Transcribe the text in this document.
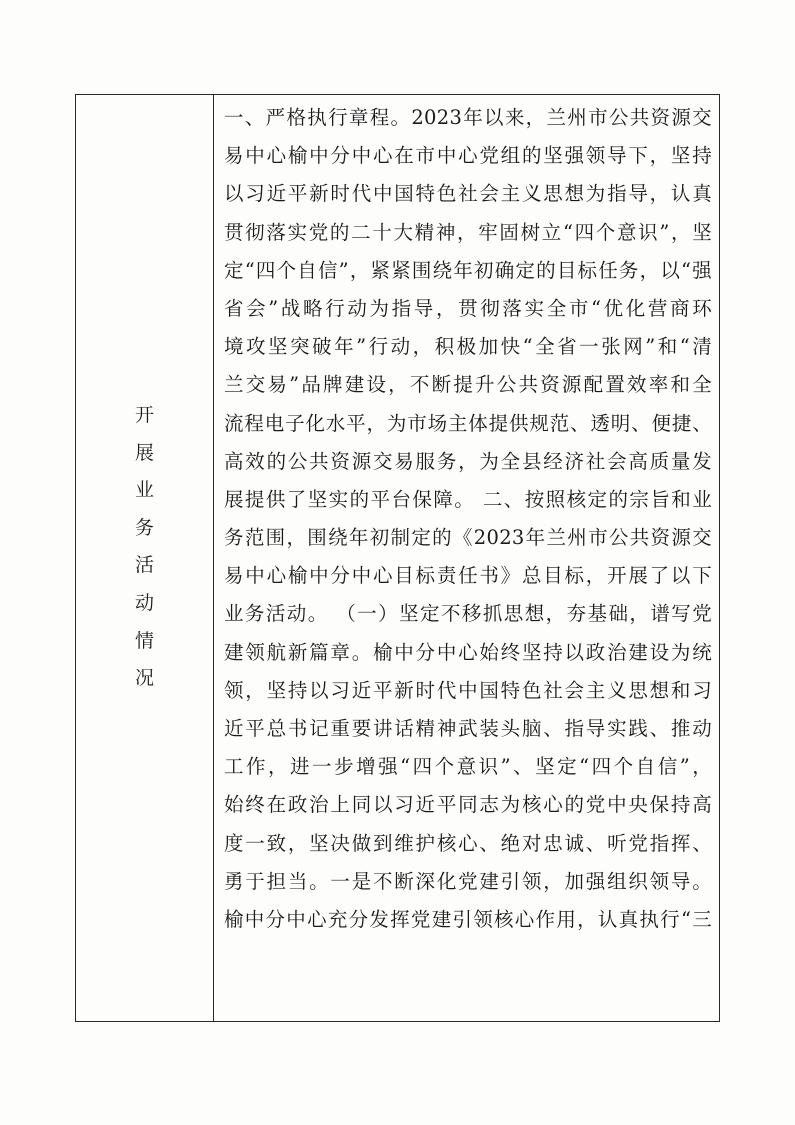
开展业务活动情况
一、严格执行章程。2023年以来，兰州市公共资源交
易中心榆中分中心在市中心党组的坚强领导下，坚持
以习近平新时代中国特色社会主义思想为指导，认真
贯彻落实党的二十大精神，牢固树立“四个意识”，坚
定“四个自信”，紧紧围绕年初确定的目标任务，以“强
省会”战略行动为指导，贯彻落实全市“优化营商环
境攻坚突破年”行动，积极加快“全省一张网”和“清
兰交易”品牌建设，不断提升公共资源配置效率和全
流程电子化水平，为市场主体提供规范、透明、便捷、
高效的公共资源交易服务，为全县经济社会高质量发
展提供了坚实的平台保障。 二、按照核定的宗旨和业
务范围，围绕年初制定的《2023年兰州市公共资源交
易中心榆中分中心目标责任书》总目标，开展了以下
业务活动。 （一）坚定不移抓思想，夯基础，谱写党
建领航新篇章。榆中分中心始终坚持以政治建设为统
领，坚持以习近平新时代中国特色社会主义思想和习
近平总书记重要讲话精神武装头脑、指导实践、推动
工作，进一步增强“四个意识”、坚定“四个自信”，
始终在政治上同以习近平同志为核心的党中央保持高
度一致，坚决做到维护核心、绝对忠诚、听党指挥、
勇于担当。一是不断深化党建引领，加强组织领导。
榆中分中心充分发挥党建引领核心作用，认真执行“三
